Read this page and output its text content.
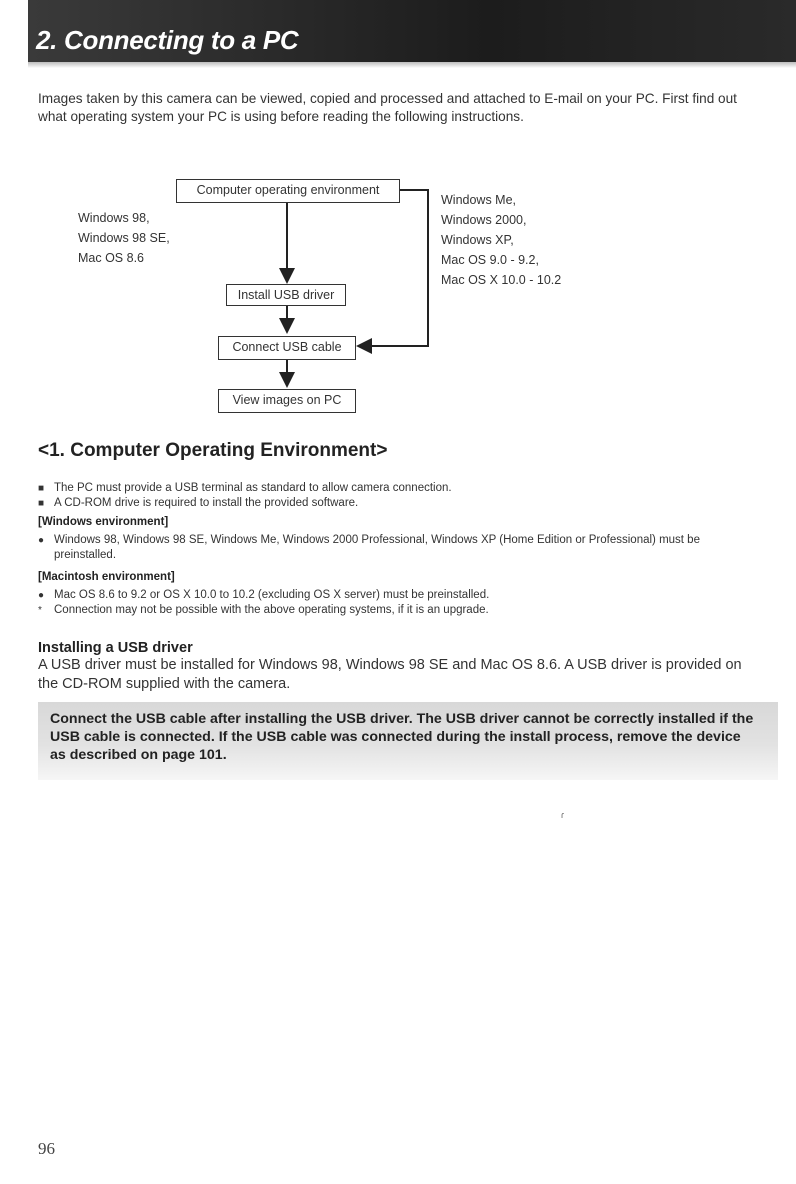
2. Connecting to a PC

Images taken by this camera can be viewed, copied and processed and attached to E-mail on your PC. First find out what operating system your PC is using before reading the following instructions.

Computer operating environment
Install USB driver
Connect USB cable
View images on PC
Windows 98,
Windows 98 SE,
Mac OS 8.6
Windows Me,
Windows 2000,
Windows XP,
Mac OS 9.0 - 9.2,
Mac OS X 10.0 - 10.2
<1. Computer Operating Environment>
■ The PC must provide a USB terminal as standard to allow camera connection.
■ A CD-ROM drive is required to install the provided software.
[Windows environment]
● Windows 98, Windows 98 SE, Windows Me, Windows 2000 Professional, Windows XP (Home Edition or Professional) must be preinstalled.
[Macintosh environment]
● Mac OS 8.6 to 9.2 or OS X 10.0 to 10.2 (excluding OS X server) must be preinstalled.
*	Connection may not be possible with the above operating systems, if it is an upgrade.
Installing a USB driver

A USB driver must be installed for Windows 98, Windows 98 SE and Mac OS 8.6. A USB driver is provided on the CD-ROM supplied with the camera.

Connect the USB cable after installing the USB driver. The USB driver cannot be correctly installed if the USB cable is connected. If the USB cable was connected during the install process, remove the device as described on page 101.

ɾ
96
